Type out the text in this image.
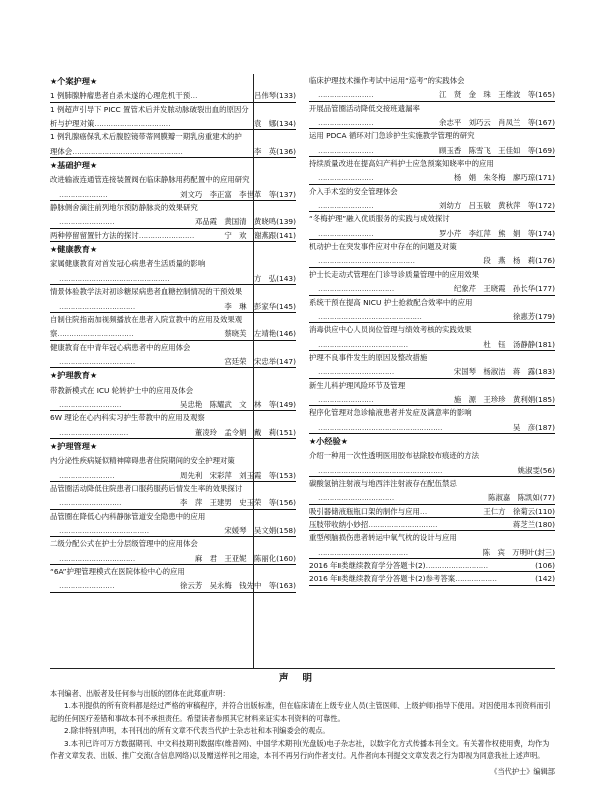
★个案护理★
1 例肺腺肿瘤患者自杀未遂的心理危机干预 …	吕伟琴(133)
1 例超声引导下 PICC 置管术后并发脓动脉破裂出血的原因分
析与护理对策 ……………………………	袁　娜(134)
1 例乳腺癌保乳术后腹腔镜带蒂网膜瓣一期乳房重建术的护
理体会 …………………………………………	李　英(136)
★基础护理★
改进输液连通管连接装置阀在临床静脉用药配置中的应用研究
…………………	刘文巧　李正富　李世革　等(137)
静脉侧舍滴注前列地尔预防静脉炎的效果研究
……………………	邓品霞　黄国清　黄晓鸣(139)
两种停留留置针方法的探讨 ……………………	宁　欢　谢燕跟(141)
★健康教育★
家属健康教育对首发冠心病患者生活质量的影响
…………………………………………	方　弘(143)
情景体验教学法对初诊糖尿病患者血糖控制情况的干预效果
……………………………	李　琳　彭家华(145)
自制住院指南加视频播放在患者入院宣教中的应用及效果观
察 ……………………………	蔡晓芙　左靖艳(146)
健康教育在中青年冠心病患者中的应用体会
……………………………	宫廷荣　宋忠举(147)
★护理教育★
带教新模式在 ICU 轮转护士中的应用及体会
………………………	吴忠艳　陈耀武　文　林　等(149)
6W 理论在心内科实习护生带教中的应用及观察
…………………………	董凌玲　孟令娟　戴　莉(151)
★护理管理★
内分泌性疾病疑似精神障碍患者住院期间的安全护理对策
……………………	周先利　宋彩萍　刘玉霞　等(153)
品管圈活动降低住院患者口服药服药后情发生率的效果探讨
………………………	李　萍　王建男　史玉荣　等(156)
品管圈在降低心内科静脉管道安全隐患中的应用
…………………………………	宋媛琴　吴文娟(158)
二级分配公式在护士分层级管理中的应用体会
……………………………	麻　君　王亚妮　陈丽化(160)
“6A”护理管理模式在医院体检中心的应用
……………………	徐云芳　吴永梅　钱先中　等(163)
临床护理技术操作考试中运用“巡考”的实践体会
……………………	江　贤　金　珠　王维波　等(165)
开展品管圈活动降低交接班遗漏率
……………………	余志平　刘巧云　肖凤兰　等(167)
运用 PDCA 循环对门急诊护生实施教学管理的研究
……………………	顾玉香　陈雪飞　王佳如　等(169)
持续质量改进在提高妇产科护士应急预案知晓率中的应用
……………………	杨　娟　朱冬梅　廖巧琼(171)
介入手术室的安全管理体会
……………………	刘幼方　吕玉敏　黄秋萍　等(172)
“冬梅护理”融入优质服务的实践与成效探讨
……………………	罗小芹　李红萍　熊　娟　等(174)
机动护士在突发事件应对中存在的问题及对策
……………………………………	段　燕　杨　莉(176)
护士长走动式管理在门诊导诊质量管理中的应用效果
……………………………	纪象芹　王晓霞　孙长华(177)
系统干预在提高 NICU 护士抢救配合效率中的应用
………………………………………	徐惠芳(179)
消毒供应中心人员岗位管理与绩效考核的实践效果
…………………………………	杜　钰　汤静静(181)
护理不良事件发生的原因及整改措施
……………………………	宋国琴　杨淑洁　蒋　露(183)
新生儿科护理风险环节及管理
……………………	施　源　王珍珍　黄利娟(185)
程序化管理对急诊输液患者并发症及满意率的影响
………………………………………………	吴　彦(187)
★小经验★
介绍一种用一次性透明医用胶布祛除胶布痕迹的方法
………………………………………………	姚淑雯(56)
碳酸氢钠注射液与地西泮注射液存在配伍禁忌
……………………………	陈淑嘉　陈凯如(77)
吸引器储液瓶瓶口架的制作与应用 …	王仁方　徐菊云(110)
压肢带收纳小妙招 …………………………	蒋芝兰(180)
重型颅脑损伤患者转运中氧气枕的设计与应用
…………………………………	陈　宾　万明叶(封三)
2016 年Ⅱ类继续教育学分答题卡(2) ………………………	(106)
2016 年Ⅱ类继续教育学分答题卡(2)参考答案 ………………	(142)
声明

本刊编者、出版者及任何参与出版的团体在此郑重声明：

1.本刊提供的所有资料都是经过严格的审稿程序，并符合出版标准，但在临床请在上级专业人员(主管医师、上级护师)指导下使用。对因使用本刊资料而引起的任何医疗差错和事故本刊不承担责任。希望读者参照其它材料来证实本刊资料的可靠性。

2.除非特别声明，本刊刊出的所有文章不代表当代护士杂志社和本刊编委会的观点。

3.本刊已许可万方数据期刊、中文科技期刊数据库(维普网)、中国学术期刊(光盘版)电子杂志社，以数字化方式传播本刊全文。有关著作权使用费，均作为作者文章发表、出版、推广交流(含信息网络)以及赠送样刊之用途，本刊不再另行向作者支付。凡作者向本刊提交文章发表之行为即视为同意我社上述声明。

《当代护士》编辑部
